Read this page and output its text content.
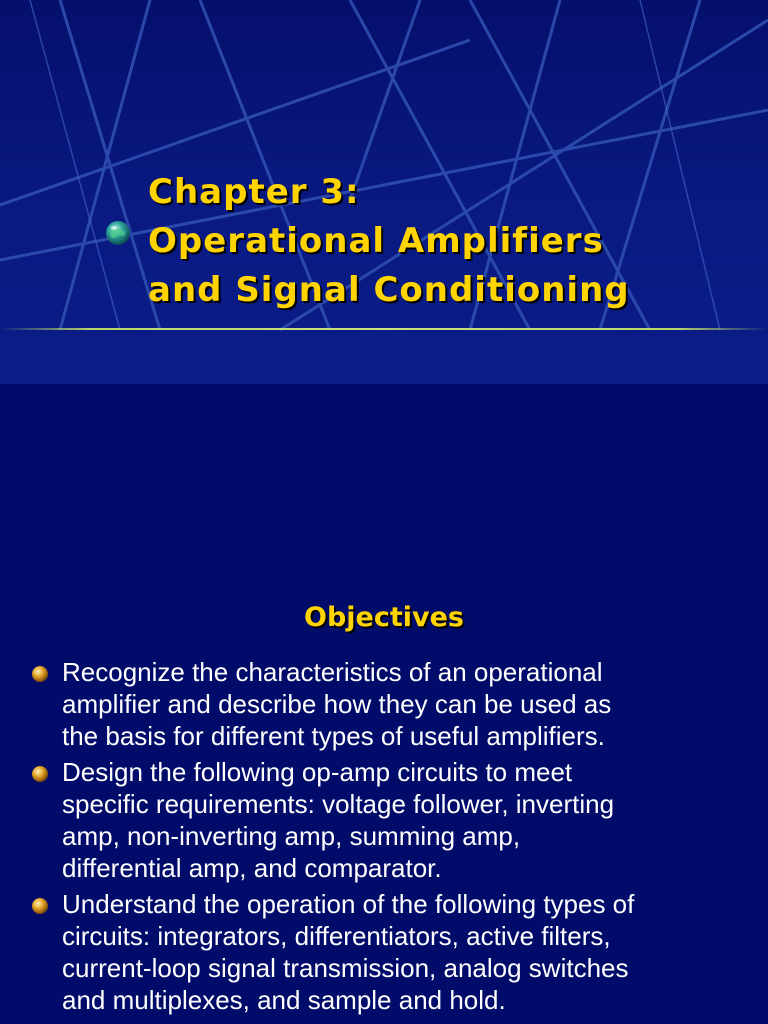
Chapter 3:
Operational Amplifiers
and Signal Conditioning
Objectives
Recognize the characteristics of an operational
amplifier and describe how they can be used as
the basis for different types of useful amplifiers.
Design the following op-amp circuits to meet
specific requirements: voltage follower, inverting
amp, non-inverting amp, summing amp,
differential amp, and comparator.
Understand the operation of the following types of
circuits: integrators, differentiators, active filters,
current-loop signal transmission, analog switches
and multiplexes, and sample and hold.
